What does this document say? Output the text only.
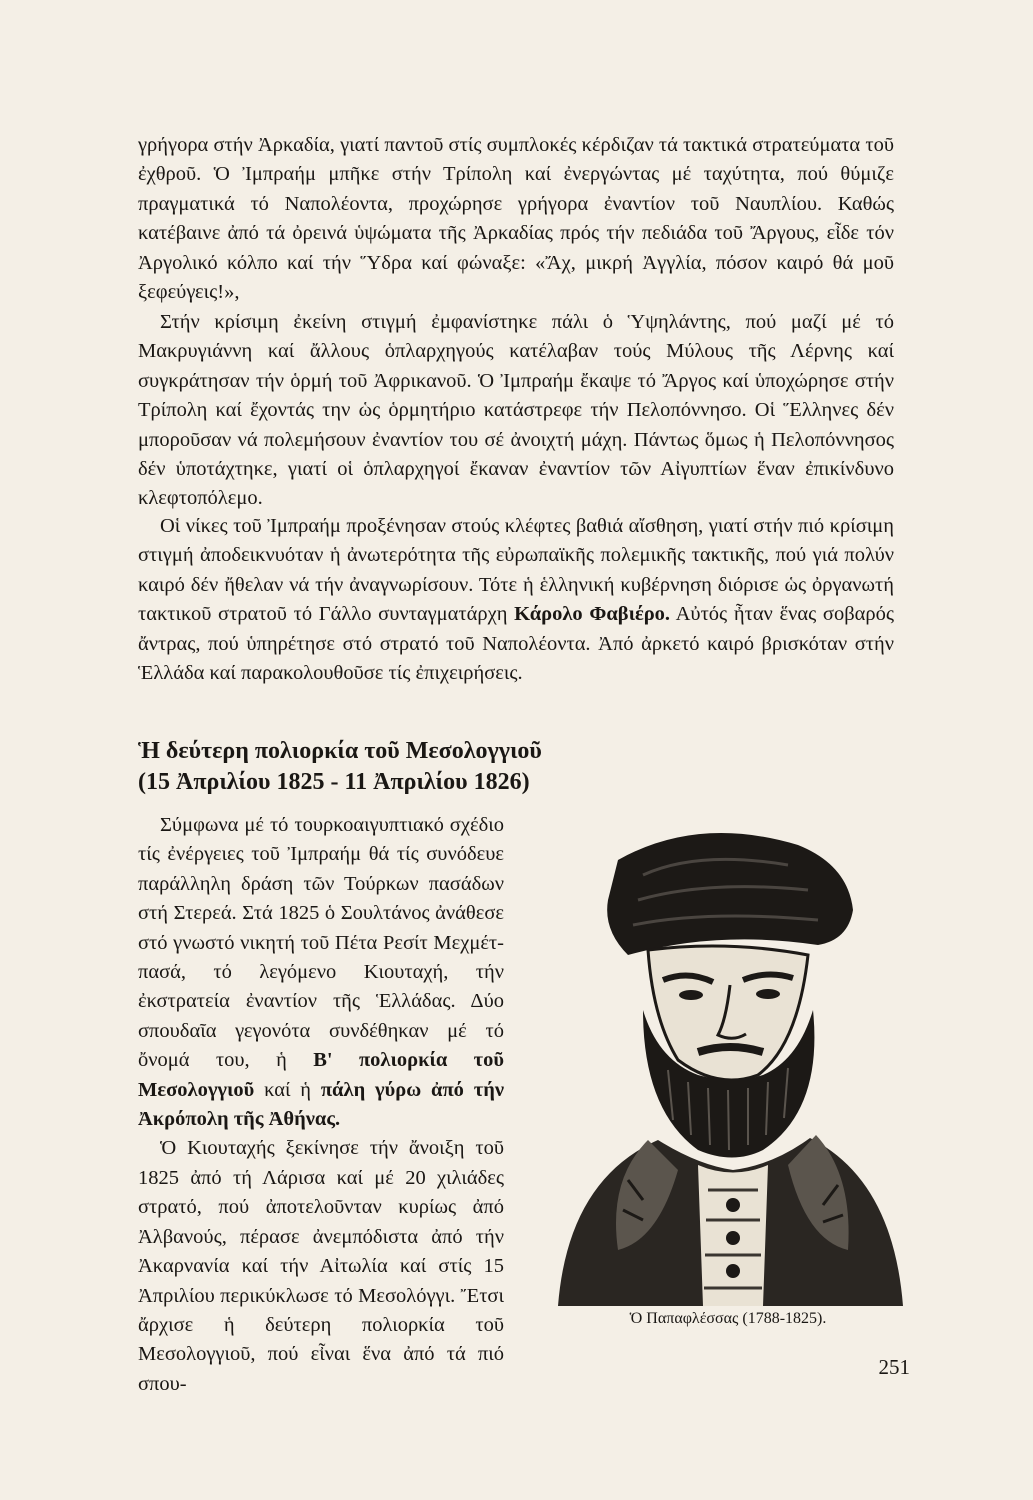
γρήγορα στήν Ἀρκαδία, γιατί παντοῦ στίς συμπλοκές κέρδιζαν τά τακτικά στρατεύματα τοῦ ἐχθροῦ. Ὁ Ἰμπραήμ μπῆκε στήν Τρίπολη καί ἐνεργώντας μέ ταχύτητα, πού θύμιζε πραγματικά τό Ναπολέοντα, προχώρησε γρήγορα ἐναντίον τοῦ Ναυπλίου. Καθώς κατέβαινε ἀπό τά ὀρεινά ὑψώματα τῆς Ἀρκαδίας πρός τήν πεδιάδα τοῦ Ἄργους, εἶδε τόν Ἀργολικό κόλπο καί τήν Ὕδρα καί φώναξε: «Ἄχ, μικρή Ἀγγλία, πόσον καιρό θά μοῦ ξεφεύγεις!»,

Στήν κρίσιμη ἐκείνη στιγμή ἐμφανίστηκε πάλι ὁ Ὑψηλάντης, πού μαζί μέ τό Μακρυγιάννη καί ἄλλους ὁπλαρχηγούς κατέλαβαν τούς Μύλους τῆς Λέρνης καί συγκράτησαν τήν ὁρμή τοῦ Ἀφρικανοῦ. Ὁ Ἰμπραήμ ἔκαψε τό Ἄργος καί ὑποχώρησε στήν Τρίπολη καί ἔχοντάς την ὡς ὁρμητήριο κατάστρεφε τήν Πελοπόννησο. Οἱ Ἕλληνες δέν μποροῦσαν νά πολεμήσουν ἐναντίον του σέ ἀνοιχτή μάχη. Πάντως ὅμως ἡ Πελοπόννησος δέν ὑποτάχτηκε, γιατί οἱ ὁπλαρχηγοί ἔκαναν ἐναντίον τῶν Αἰγυπτίων ἕναν ἐπικίνδυνο κλεφτοπόλεμο.

Οἱ νίκες τοῦ Ἰμπραήμ προξένησαν στούς κλέφτες βαθιά αἴσθηση, γιατί στήν πιό κρίσιμη στιγμή ἀποδεικνυόταν ἡ ἀνωτερότητα τῆς εὐρωπαϊκῆς πολεμικῆς τακτικῆς, πού γιά πολύν καιρό δέν ἤθελαν νά τήν ἀναγνωρίσουν. Τότε ἡ ἑλληνική κυβέρνηση διόρισε ὡς ὀργανωτή τακτικοῦ στρατοῦ τό Γάλλο συνταγματάρχη Κάρολο Φαβιέρο. Αὐτός ἦταν ἕνας σοβαρός ἄντρας, πού ὑπηρέτησε στό στρατό τοῦ Ναπολέοντα. Ἀπό ἀρκετό καιρό βρισκόταν στήν Ἑλλάδα καί παρακολουθοῦσε τίς ἐπιχειρήσεις.

Ἡ δεύτερη πολιορκία τοῦ Μεσολογγιοῦ
(15 Ἀπριλίου 1825 - 11 Ἀπριλίου 1826)

Σύμφωνα μέ τό τουρκοαιγυπτιακό σχέδιο τίς ἐνέργειες τοῦ Ἰμπραήμ θά τίς συνόδευε παράλληλη δράση τῶν Τούρκων πασάδων στή Στερεά. Στά 1825 ὁ Σουλτάνος ἀνάθεσε στό γνωστό νικητή τοῦ Πέτα Ρεσίτ Μεχμέτ-πασά, τό λεγόμενο Κιουταχή, τήν ἐκστρατεία ἐναντίον τῆς Ἑλλάδας. Δύο σπουδαῖα γεγονότα συνδέθηκαν μέ τό ὄνομά του, ἡ Β' πολιορκία τοῦ Μεσολογγιοῦ καί ἡ πάλη γύρω ἀπό τήν Ἀκρόπολη τῆς Ἀθήνας.

Ὁ Κιουταχής ξεκίνησε τήν ἄνοιξη τοῦ 1825 ἀπό τή Λάρισα καί μέ 20 χιλιάδες στρατό, πού ἀποτελοῦνταν κυρίως ἀπό Ἀλβανούς, πέρασε ἀνεμπόδιστα ἀπό τήν Ἀκαρνανία καί τήν Αἰτωλία καί στίς 15 Ἀπριλίου περικύκλωσε τό Μεσολόγγι. Ἔτσι ἄρχισε ἡ δεύτερη πολιορκία τοῦ Μεσολογγιοῦ, πού εἶναι ἕνα ἀπό τά πιό σπου-

Ὁ Παπαφλέσσας (1788-1825).

251
